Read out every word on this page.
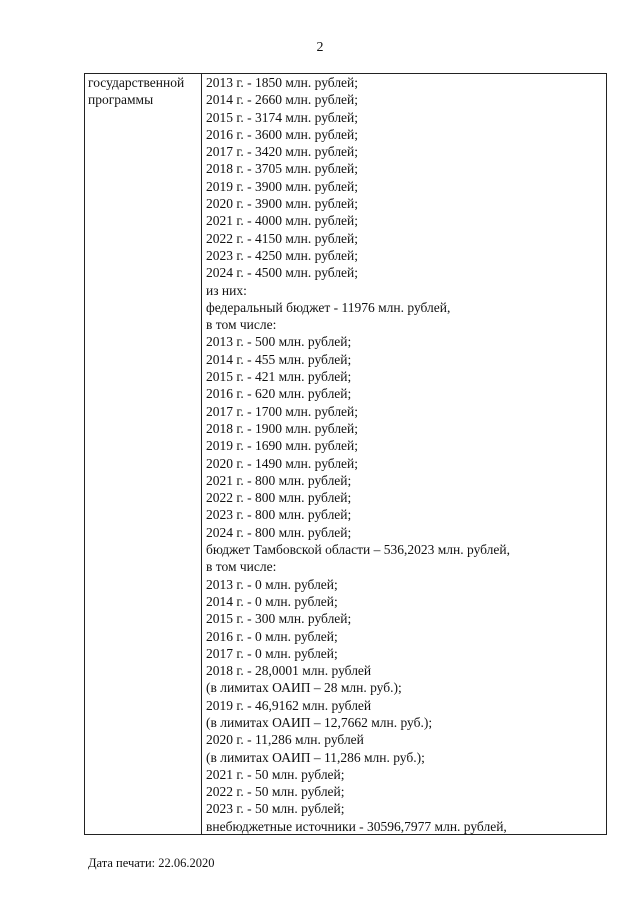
2
государственной
программы
2013 г. - 1850 млн. рублей;
2014 г. - 2660 млн. рублей;
2015 г. - 3174 млн. рублей;
2016 г. - 3600 млн. рублей;
2017 г. - 3420 млн. рублей;
2018 г. - 3705 млн. рублей;
2019 г. - 3900 млн. рублей;
2020 г. - 3900 млн. рублей;
2021 г. - 4000 млн. рублей;
2022 г. - 4150 млн. рублей;
2023 г. - 4250 млн. рублей;
2024 г. - 4500 млн. рублей;
из них:
федеральный бюджет - 11976 млн. рублей,
в том числе:
2013 г. - 500 млн. рублей;
2014 г. - 455 млн. рублей;
2015 г. - 421 млн. рублей;
2016 г. - 620 млн. рублей;
2017 г. - 1700 млн. рублей;
2018 г. - 1900 млн. рублей;
2019 г. - 1690 млн. рублей;
2020 г. - 1490 млн. рублей;
2021 г. - 800 млн. рублей;
2022 г. - 800 млн. рублей;
2023 г. - 800 млн. рублей;
2024 г. - 800 млн. рублей;
бюджет Тамбовской области – 536,2023 млн. рублей,
в том числе:
2013 г. - 0 млн. рублей;
2014 г. - 0 млн. рублей;
2015 г. - 300 млн. рублей;
2016 г. - 0 млн. рублей;
2017 г. - 0 млн. рублей;
2018 г. - 28,0001 млн. рублей
(в лимитах ОАИП – 28 млн. руб.);
2019 г. - 46,9162 млн. рублей
(в лимитах ОАИП – 12,7662 млн. руб.);
2020 г. - 11,286 млн. рублей
(в лимитах ОАИП – 11,286 млн. руб.);
2021 г. - 50 млн. рублей;
2022 г. - 50 млн. рублей;
2023 г. - 50 млн. рублей;
внебюджетные источники - 30596,7977 млн. рублей,
Дата печати: 22.06.2020
